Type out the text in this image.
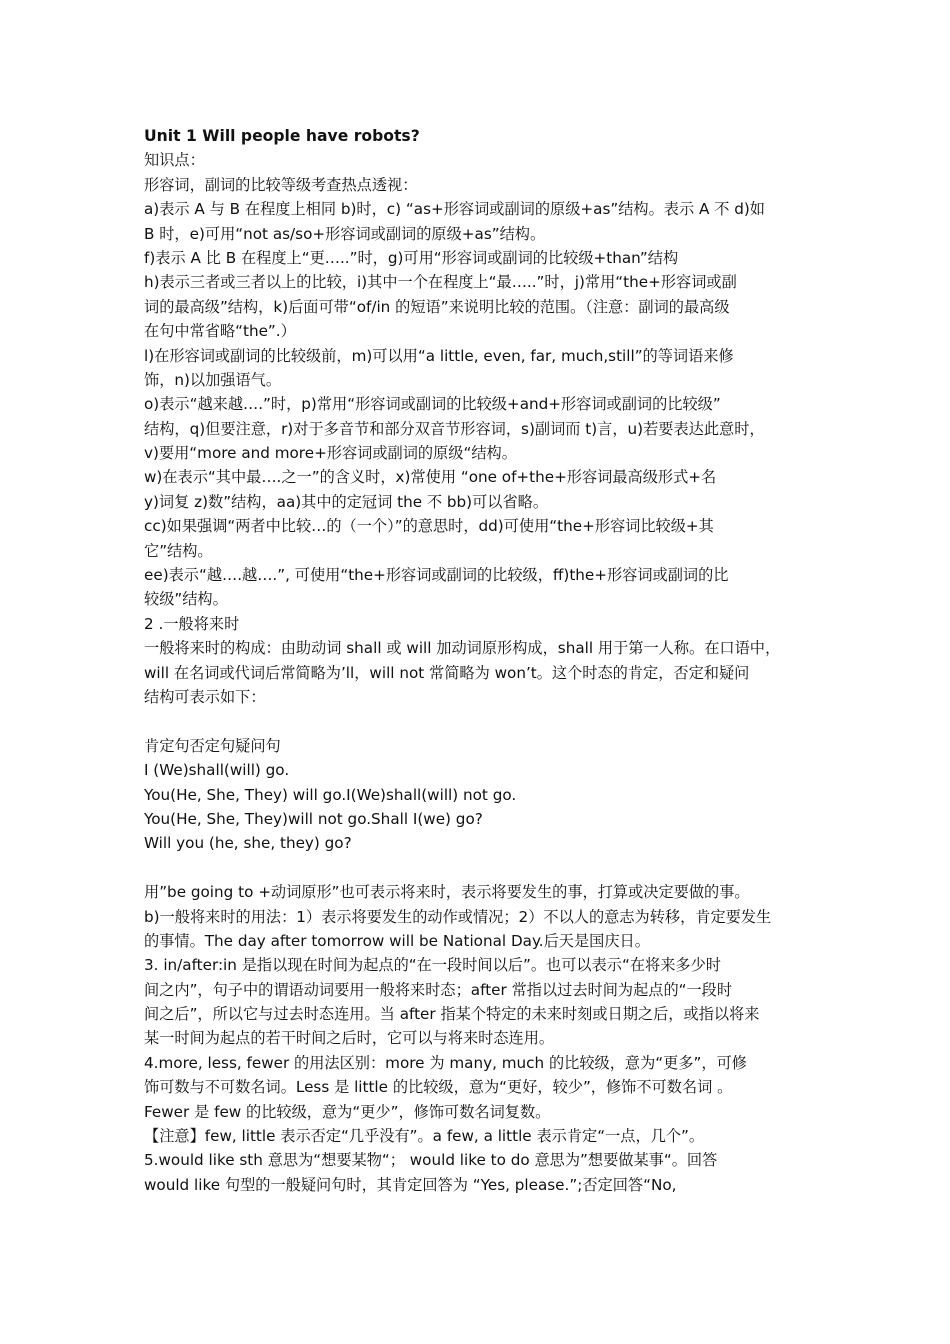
Unit 1 Will people have robots?
知识点：
形容词，副词的比较等级考查热点透视：
a)表示 A 与 B 在程度上相同 b)时，c) “as+形容词或副词的原级+as”结构。表示 A 不 d)如
B 时，e)可用“not as/so+形容词或副词的原级+as”结构。
f)表示 A 比 B 在程度上“更…..”时，g)可用“形容词或副词的比较级+than”结构
h)表示三者或三者以上的比较，i)其中一个在程度上“最…..”时，j)常用“the+形容词或副
词的最高级”结构，k)后面可带“of/in 的短语”来说明比较的范围。（注意：副词的最高级
在句中常省略“the”.）
l)在形容词或副词的比较级前，m)可以用“a little, even, far, much,still”的等词语来修
饰，n)以加强语气。
o)表示“越来越….”时，p)常用“形容词或副词的比较级+and+形容词或副词的比较级”
结构，q)但要注意，r)对于多音节和部分双音节形容词，s)副词而 t)言，u)若要表达此意时，
v)要用“more and more+形容词或副词的原级“结构。
w)在表示“其中最….之一”的含义时，x)常使用 “one of+the+形容词最高级形式+名
y)词复 z)数”结构，aa)其中的定冠词 the 不 bb)可以省略。
cc)如果强调“两者中比较…的（一个）”的意思时，dd)可使用“the+形容词比较级+其
它”结构。
ee)表示“越….越….”, 可使用“the+形容词或副词的比较级，ff)the+形容词或副词的比
较级”结构。
2 .一般将来时
一般将来时的构成：由助动词 shall 或 will 加动词原形构成，shall 用于第一人称。在口语中，
will 在名词或代词后常简略为’ll，will not 常简略为 won’t。这个时态的肯定，否定和疑问
结构可表示如下：
肯定句否定句疑问句
I (We)shall(will) go.
You(He, She, They) will go.I(We)shall(will) not go.
You(He, She, They)will not go.Shall I(we) go?
Will you (he, she, they) go?
用”be going to +动词原形”也可表示将来时，表示将要发生的事，打算或决定要做的事。
b)一般将来时的用法：1）表示将要发生的动作或情况；2）不以人的意志为转移，肯定要发生
的事情。The day after tomorrow will be National Day.后天是国庆日。
3. in/after:in 是指以现在时间为起点的“在一段时间以后”。也可以表示“在将来多少时
间之内”，句子中的谓语动词要用一般将来时态；after 常指以过去时间为起点的“一段时
间之后”，所以它与过去时态连用。当 after 指某个特定的未来时刻或日期之后，或指以将来
某一时间为起点的若干时间之后时，它可以与将来时态连用。
4.more, less, fewer 的用法区别：more 为 many, much 的比较级，意为“更多”，可修
饰可数与不可数名词。Less 是 little 的比较级，意为“更好，较少”，修饰不可数名词 。
Fewer 是 few 的比较级，意为“更少”，修饰可数名词复数。
【注意】few, little 表示否定“几乎没有”。a few, a little 表示肯定“一点，几个”。
5.would like sth 意思为“想要某物“； would like to do 意思为”想要做某事“。回答
would like 句型的一般疑问句时，其肯定回答为 “Yes, please.”;否定回答“No,
